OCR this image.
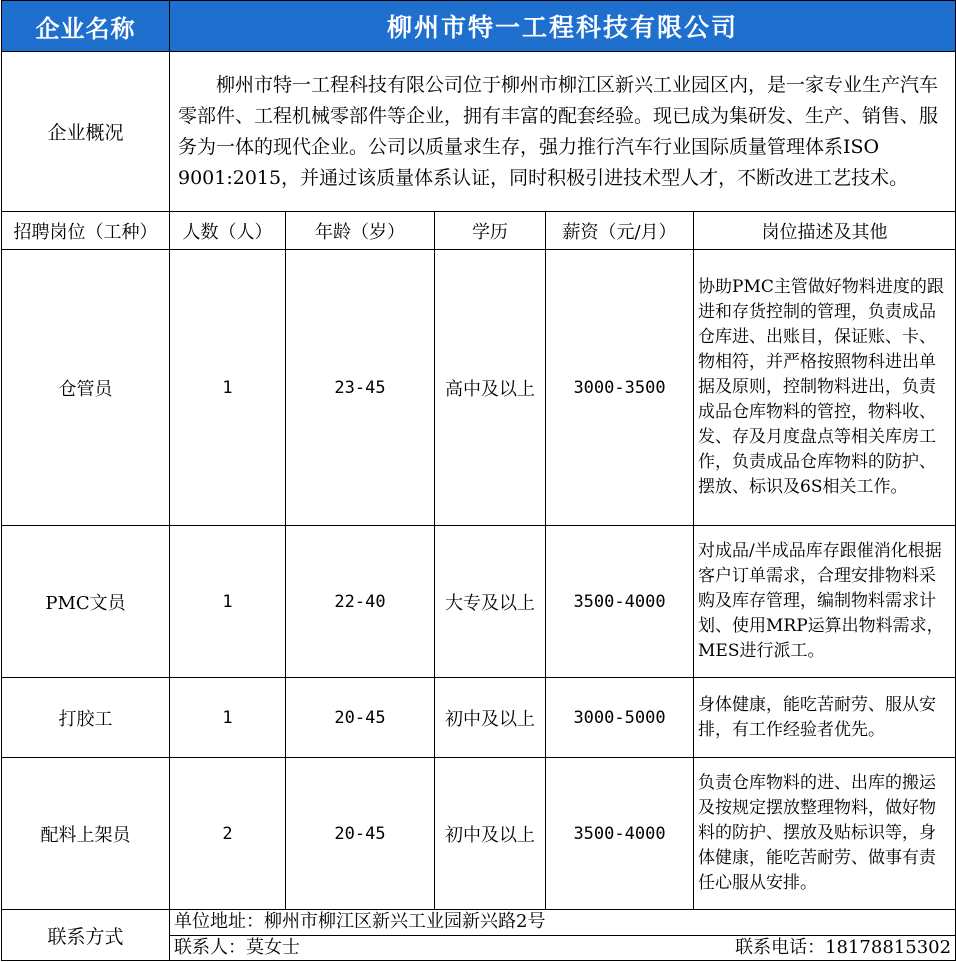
企业名称	柳州市特一工程科技有限公司				
企业概况	柳州市特一工程科技有限公司位于柳州市柳江区新兴工业园区内，是一家专业生产汽车零部件、工程机械零部件等企业，拥有丰富的配套经验。现已成为集研发、生产、销售、服务为一体的现代企业。公司以质量求生存，强力推行汽车行业国际质量管理体系ISO 9001:2015，并通过该质量体系认证，同时积极引进技术型人才，不断改进工艺技术。				
招聘岗位（工种）	人数（人）	年龄（岁）	学历	薪资（元/月）	岗位描述及其他
仓管员	1	23-45	高中及以上	3000-3500	协助PMC主管做好物料进度的跟进和存货控制的管理，负责成品仓库进、出账目，保证账、卡、物相符，并严格按照物科进出单据及原则，控制物料进出，负责成品仓库物料的管控，物料收、发、存及月度盘点等相关库房工作，负责成品仓库物料的防护、摆放、标识及6S相关工作。
PMC文员	1	22-40	大专及以上	3500-4000	对成品/半成品库存跟催消化根据客户订单需求，合理安排物料采购及库存管理，编制物料需求计划、使用MRP运算出物料需求，MES进行派工。
打胶工	1	20-45	初中及以上	3000-5000	身体健康，能吃苦耐劳、服从安排，有工作经验者优先。
配料上架员	2	20-45	初中及以上	3500-4000	负责仓库物料的进、出库的搬运及按规定摆放整理物料，做好物料的防护、摆放及贴标识等，身体健康，能吃苦耐劳、做事有责任心服从安排。
联系方式	单位地址：柳州市柳江区新兴工业园新兴路2号
联系人：莫女士 联系电话：18178815302				
